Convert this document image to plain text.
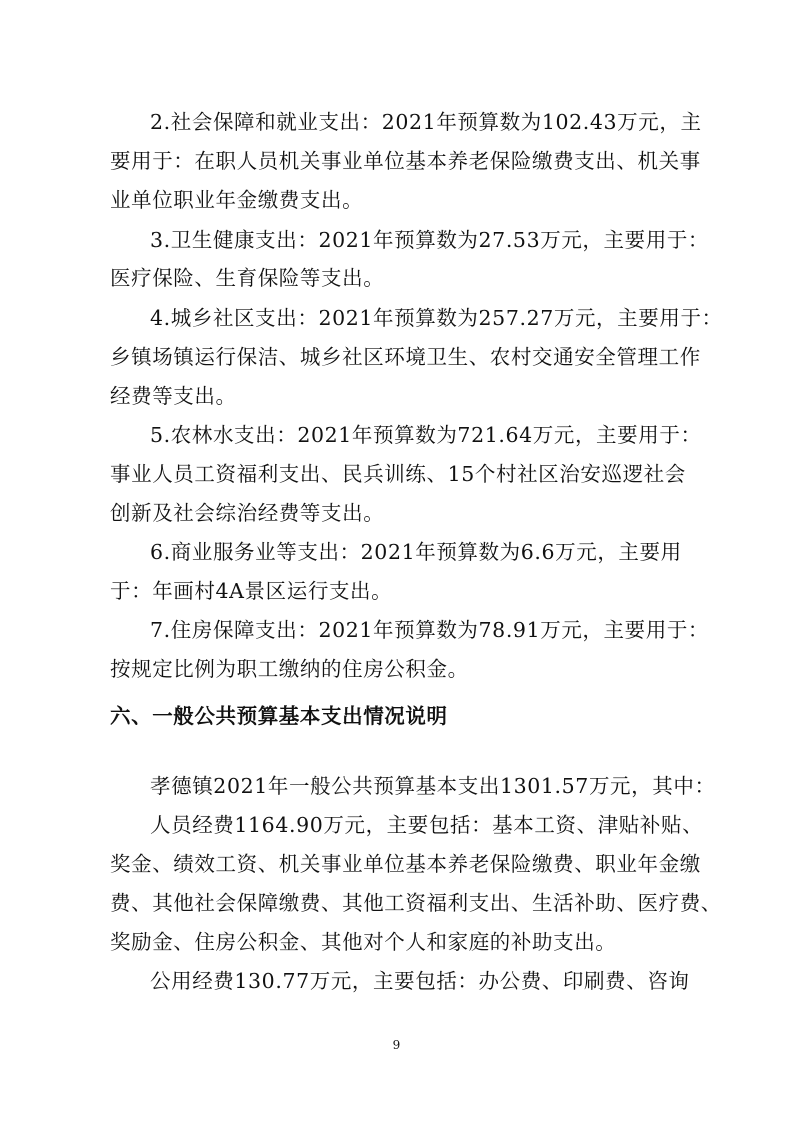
2.社会保障和就业支出：2021年预算数为102.43万元，主
要用于：在职人员机关事业单位基本养老保险缴费支出、机关事
业单位职业年金缴费支出。
3.卫生健康支出：2021年预算数为27.53万元，主要用于：
医疗保险、生育保险等支出。
4.城乡社区支出：2021年预算数为257.27万元，主要用于：
乡镇场镇运行保洁、城乡社区环境卫生、农村交通安全管理工作
经费等支出。
5.农林水支出：2021年预算数为721.64万元，主要用于：
事业人员工资福利支出、民兵训练、15个村社区治安巡逻社会
创新及社会综治经费等支出。
6.商业服务业等支出：2021年预算数为6.6万元，主要用
于：年画村4A景区运行支出。
7.住房保障支出：2021年预算数为78.91万元，主要用于：
按规定比例为职工缴纳的住房公积金。
六、一般公共预算基本支出情况说明
孝德镇2021年一般公共预算基本支出1301.57万元，其中：
人员经费1164.90万元，主要包括：基本工资、津贴补贴、
奖金、绩效工资、机关事业单位基本养老保险缴费、职业年金缴
费、其他社会保障缴费、其他工资福利支出、生活补助、医疗费、
奖励金、住房公积金、其他对个人和家庭的补助支出。
公用经费130.77万元，主要包括：办公费、印刷费、咨询
9
